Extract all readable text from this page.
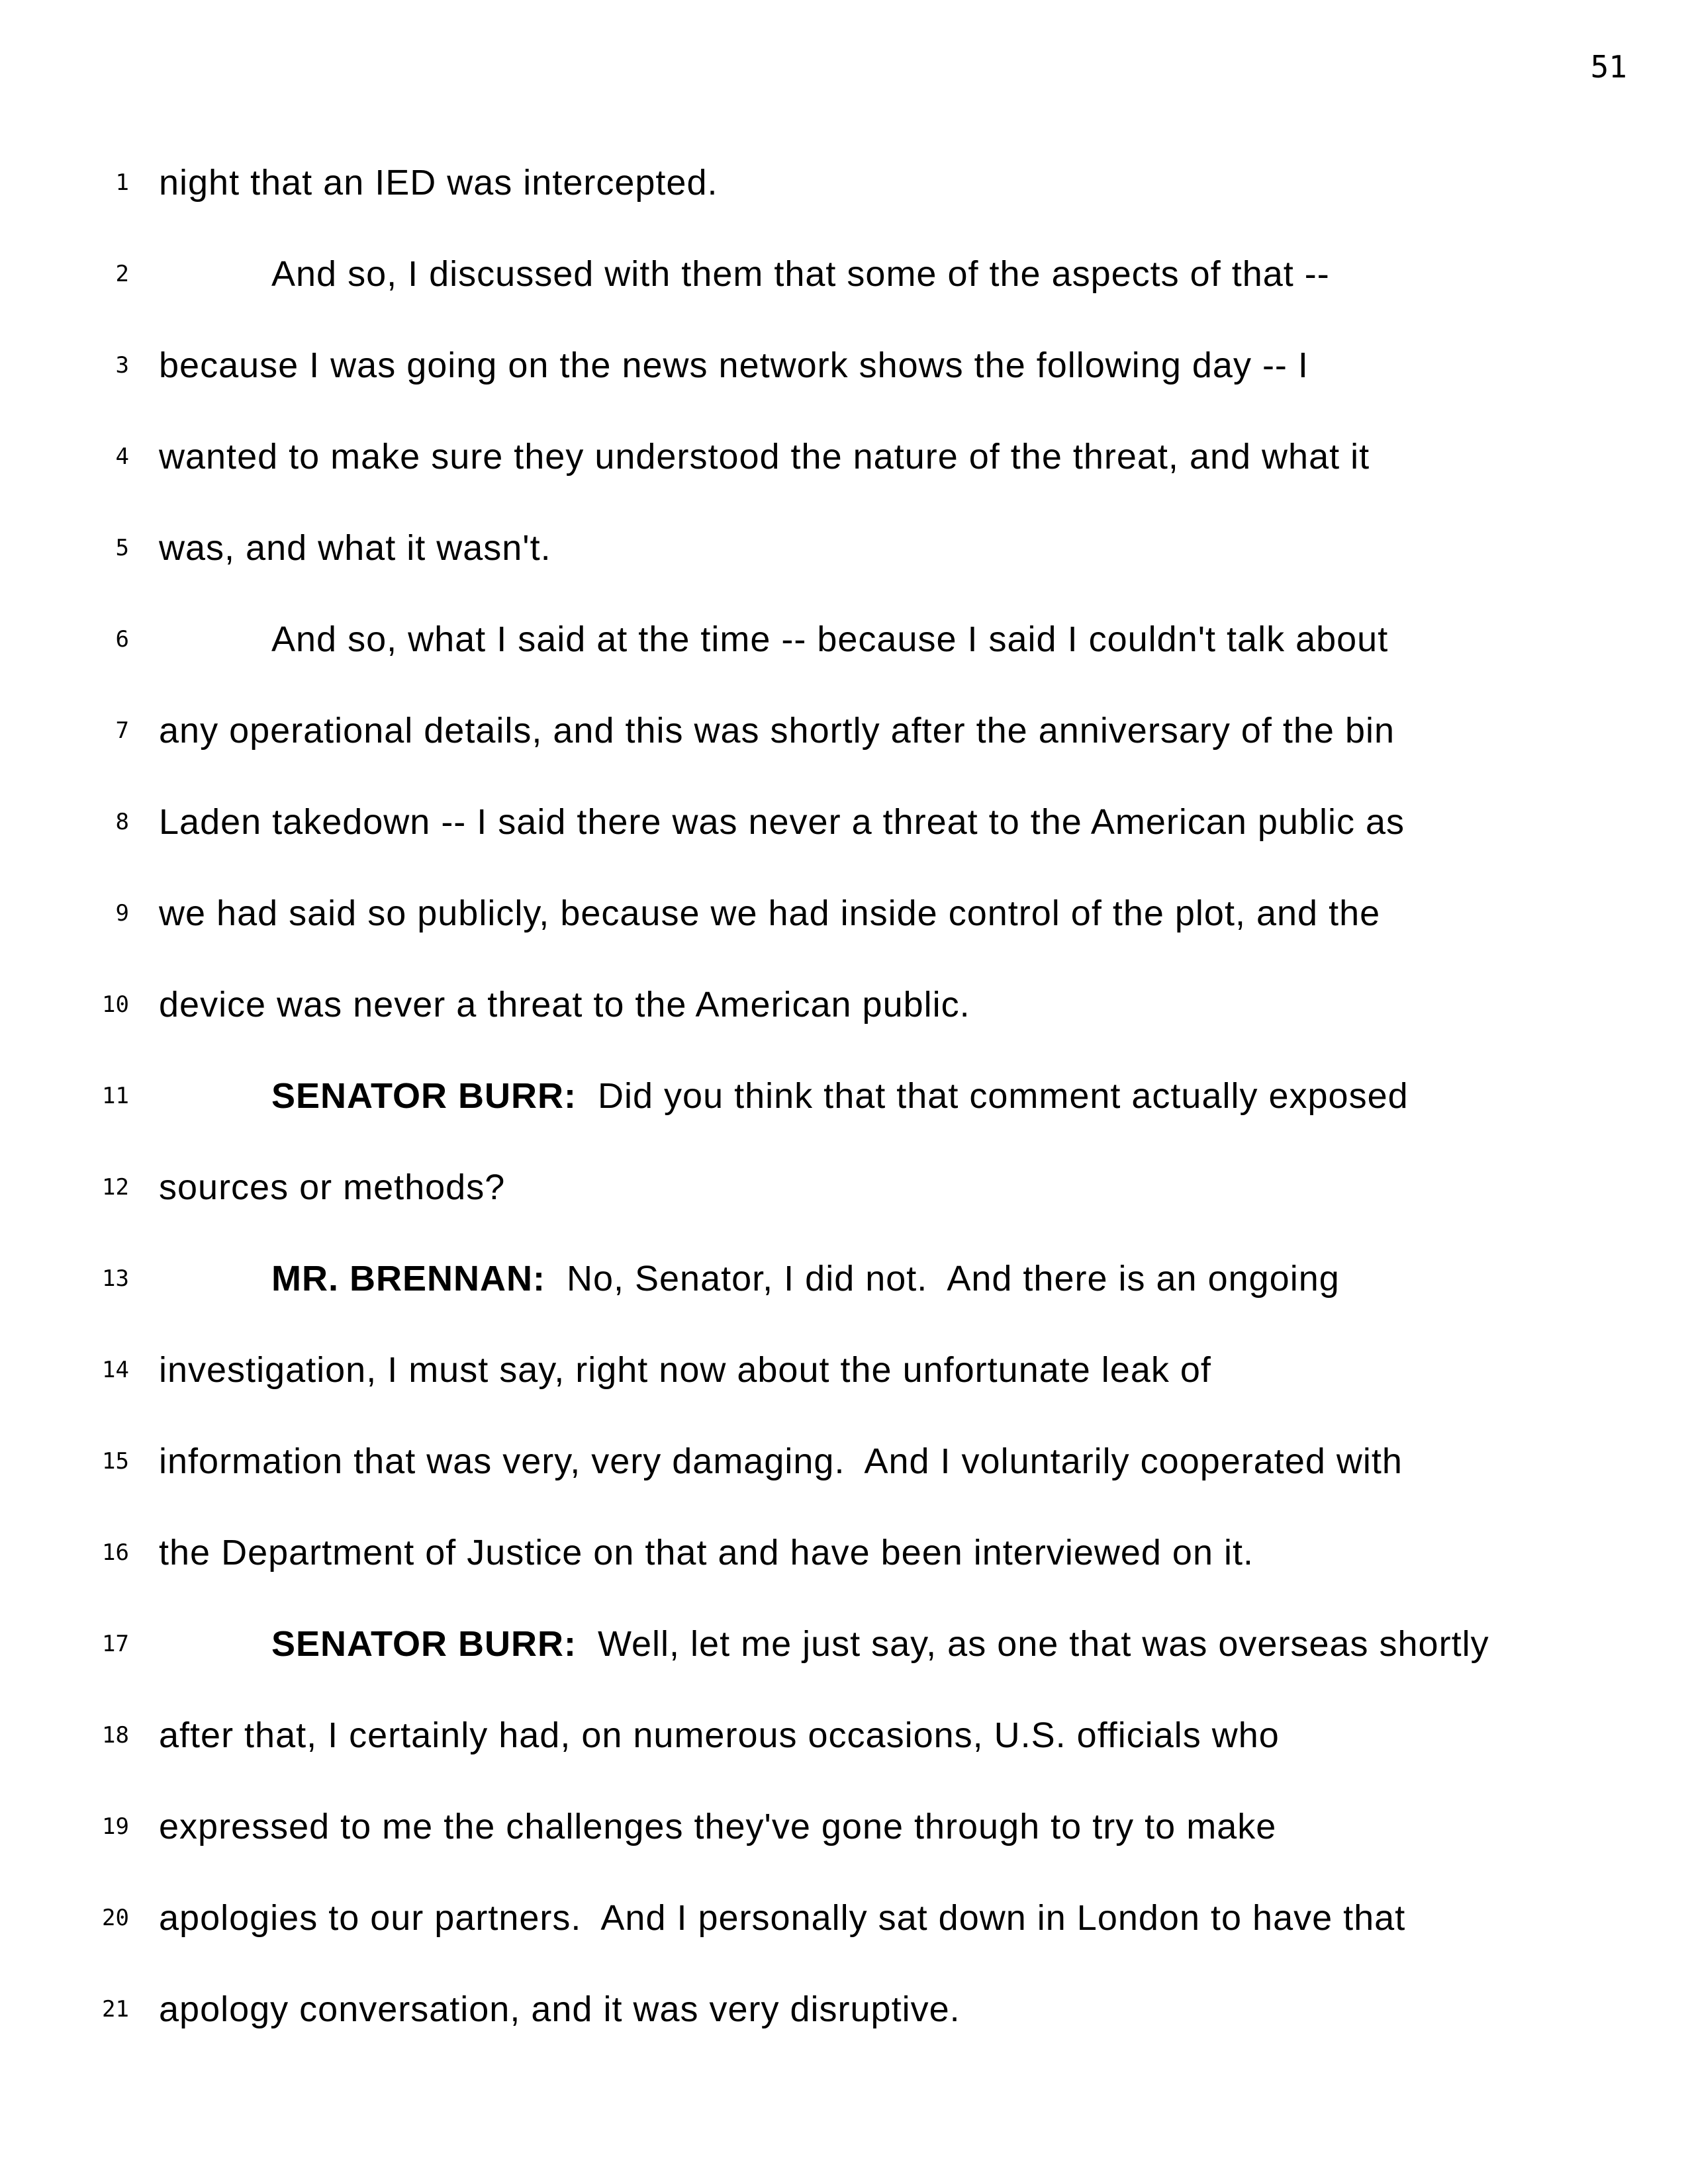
51
1 night that an IED was intercepted.
2	And so, I discussed with them that some of the aspects of that --
3 because I was going on the news network shows the following day -- I
4 wanted to make sure they understood the nature of the threat, and what it
5 was, and what it wasn't.
6	And so, what I said at the time -- because I said I couldn't talk about
7 any operational details, and this was shortly after the anniversary of the bin
8 Laden takedown -- I said there was never a threat to the American public as
9 we had said so publicly, because we had inside control of the plot, and the
10 device was never a threat to the American public.
11	SENATOR BURR:  Did you think that that comment actually exposed
12 sources or methods?
13	MR. BRENNAN:  No, Senator, I did not.  And there is an ongoing
14 investigation, I must say, right now about the unfortunate leak of
15 information that was very, very damaging.  And I voluntarily cooperated with
16 the Department of Justice on that and have been interviewed on it.
17	SENATOR BURR:  Well, let me just say, as one that was overseas shortly
18 after that, I certainly had, on numerous occasions, U.S. officials who
19 expressed to me the challenges they've gone through to try to make
20 apologies to our partners.  And I personally sat down in London to have that
21 apology conversation, and it was very disruptive.
